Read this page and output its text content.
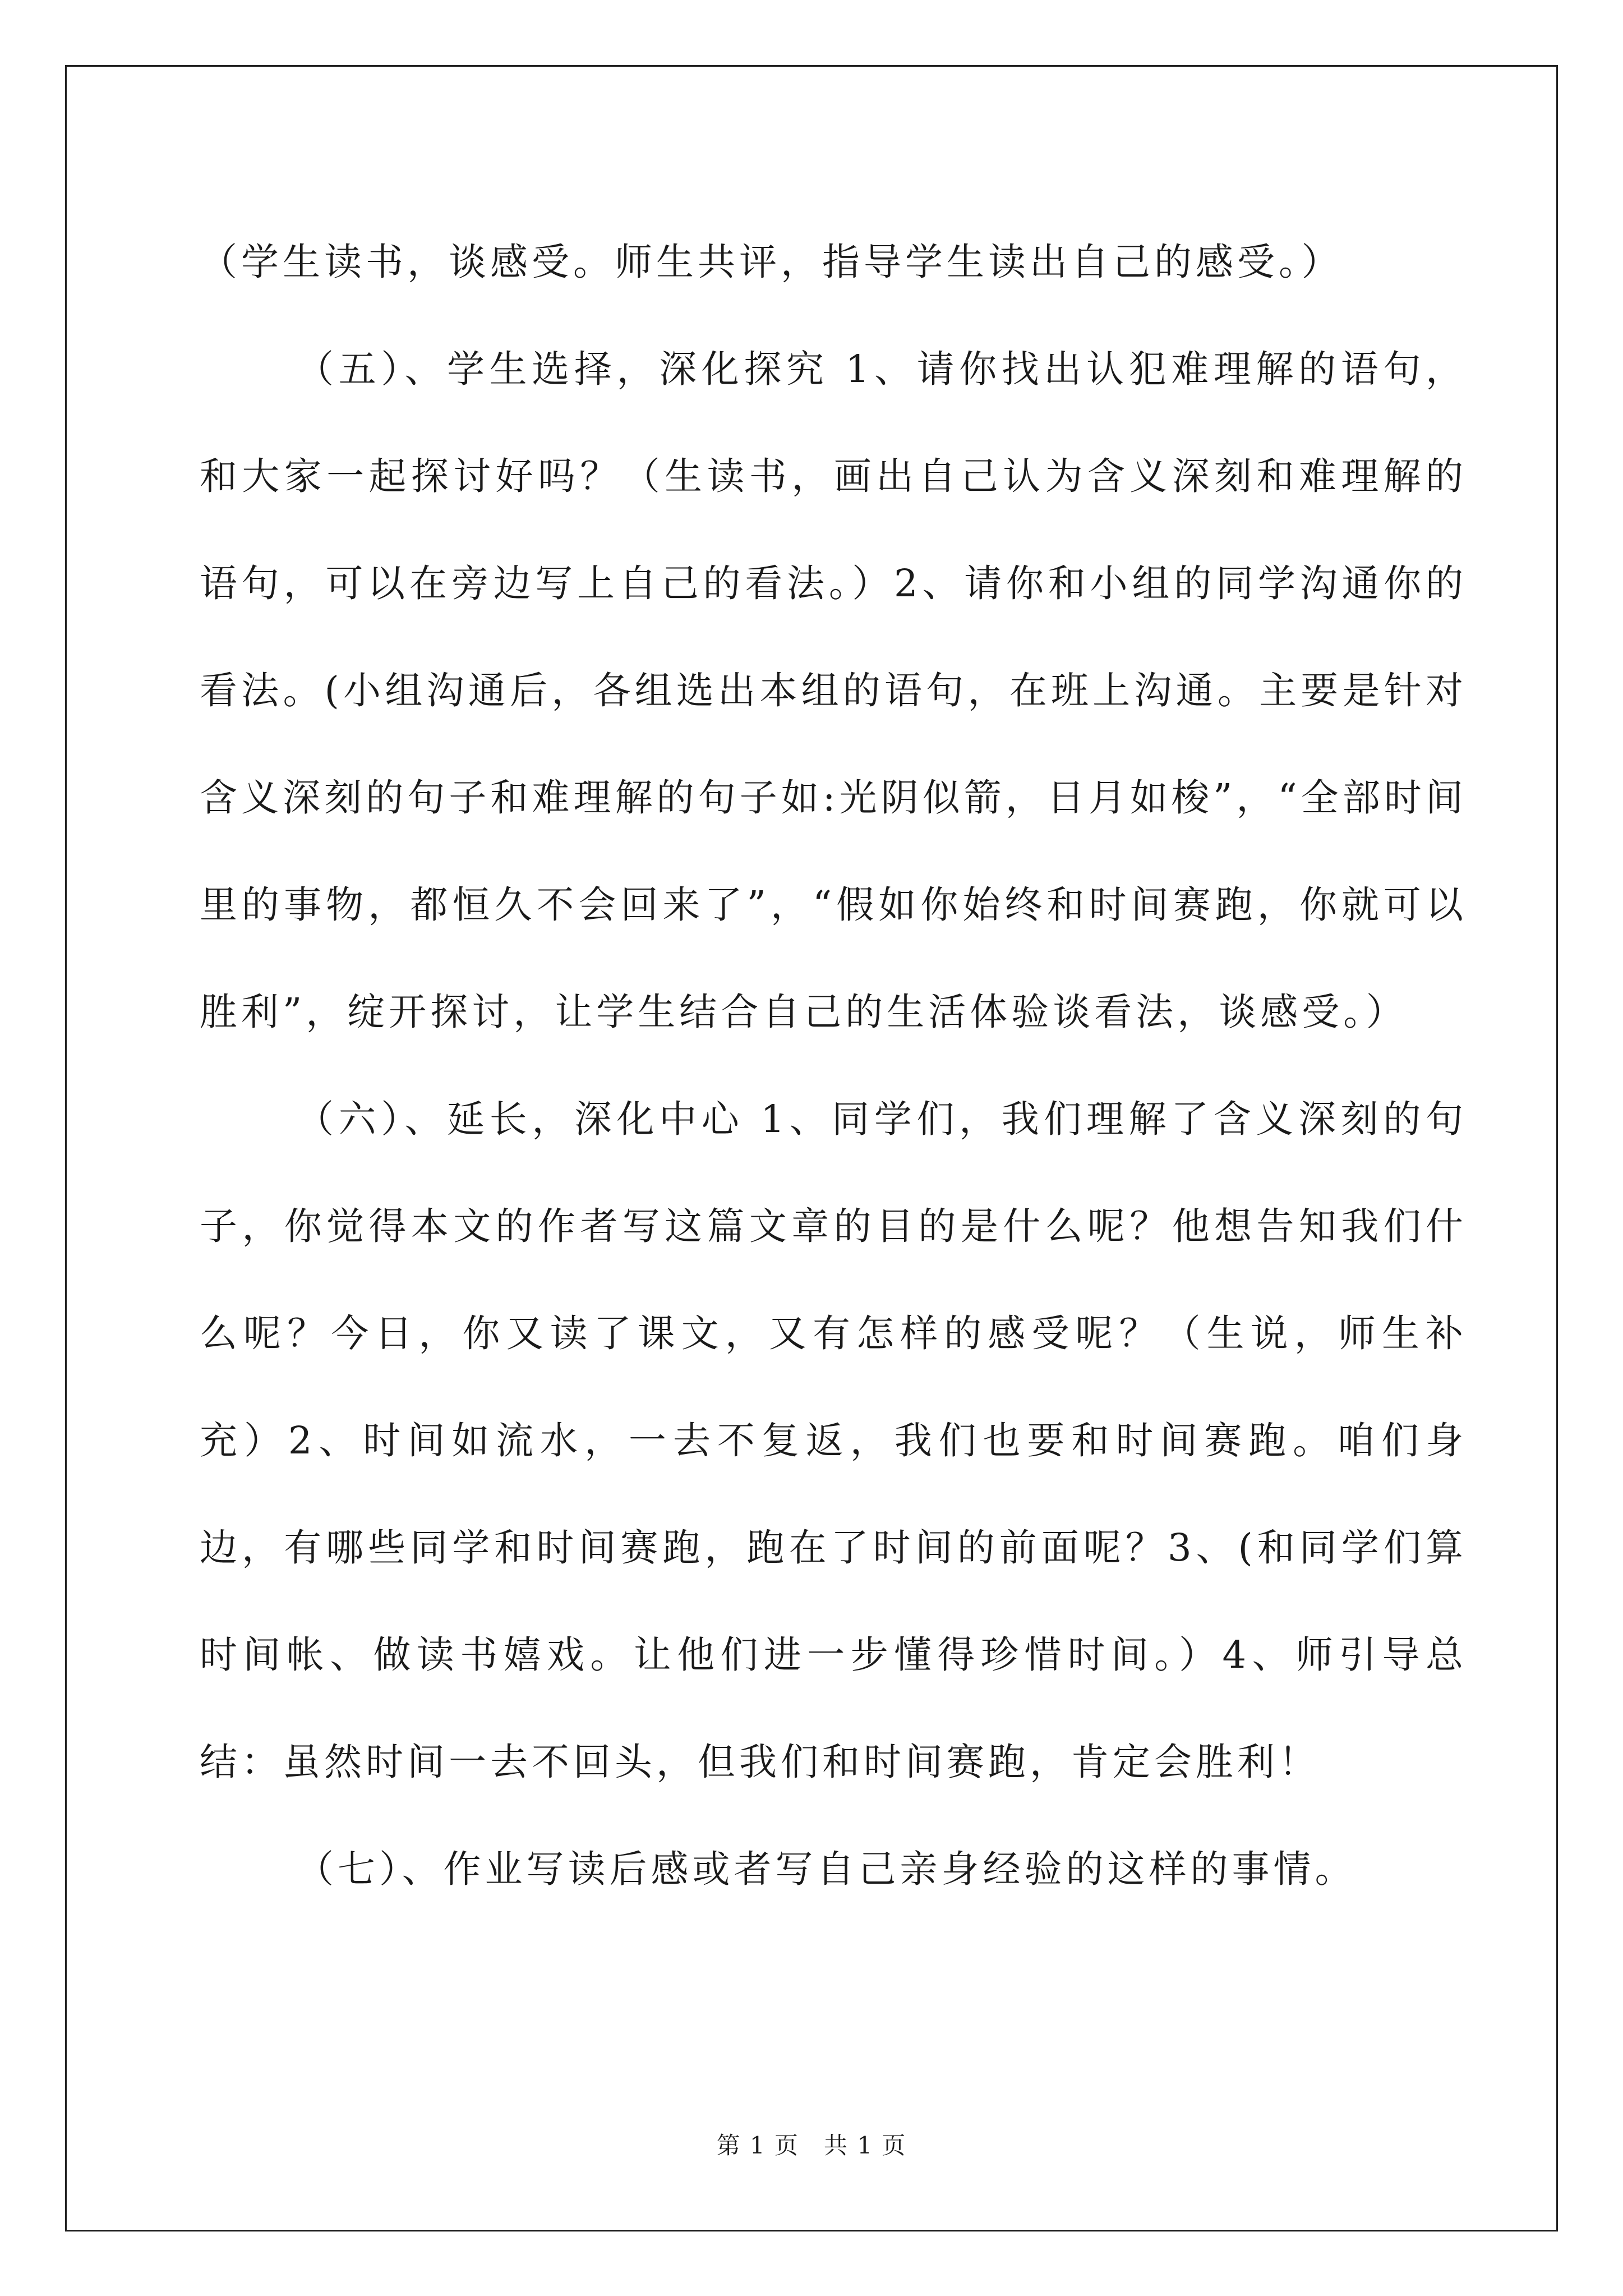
（学生读书，谈感受。师生共评，指导学生读出自己的感受。）

（五）、学生选择，深化探究 1、请你找出认犯难理解的语句，和大家一起探讨好吗？（生读书，画出自己认为含义深刻和难理解的语句，可以在旁边写上自己的看法。）2、请你和小组的同学沟通你的看法。(小组沟通后，各组选出本组的语句，在班上沟通。主要是针对含义深刻的句子和难理解的句子如:光阴似箭，日月如梭”，“全部时间里的事物，都恒久不会回来了”，“假如你始终和时间赛跑，你就可以胜利”，绽开探讨，让学生结合自己的生活体验谈看法，谈感受。）

（六）、延长，深化中心 1、同学们，我们理解了含义深刻的句子，你觉得本文的作者写这篇文章的目的是什么呢？他想告知我们什么呢？今日，你又读了课文，又有怎样的感受呢？（生说，师生补充）2、时间如流水，一去不复返，我们也要和时间赛跑。咱们身边，有哪些同学和时间赛跑，跑在了时间的前面呢？3、(和同学们算时间帐、做读书嬉戏。让他们进一步懂得珍惜时间。）4、师引导总结：虽然时间一去不回头，但我们和时间赛跑，肯定会胜利！

（七）、作业写读后感或者写自己亲身经验的这样的事情。

第 1 页 共 1 页
